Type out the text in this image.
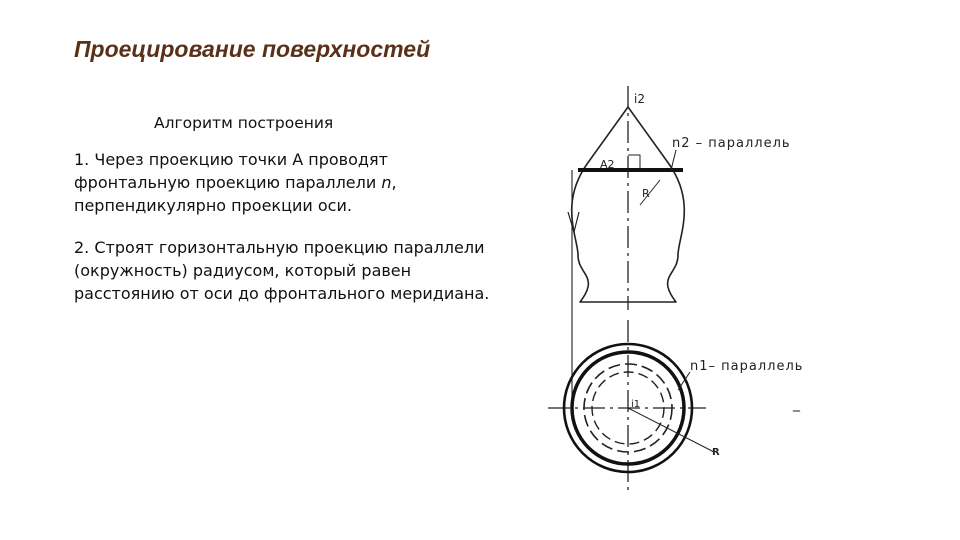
Проецирование поверхностей
Алгоритм построения

1. Через проекцию точки А проводят фронтальную проекцию параллели n, перпендикулярно проекции оси.

2. Строят горизонтальную проекцию параллели (окружность) радиусом, который равен расстоянию от оси до фронтального меридиана.

i2
A2
n2 – параллель
R
n1– параллель
i1
R
_
